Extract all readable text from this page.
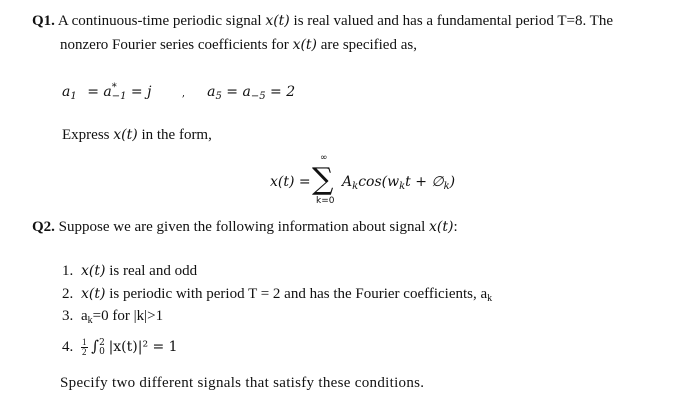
Q1. A continuous-time periodic signal x(t) is real valued and has a fundamental period T=8. The
nonzero Fourier series coefficients for x(t) are specified as,
$a_1 = a^*_{-1} = j$	, $a_5 = a_{-5} = 2$
Express x(t) in the form,
x(t) =
∞
∑
k=0
$A_k\cos(w_kt$ + $\emptyset_k$)
Q2. Suppose we are given the following information about signal x(t):
1. x(t) is real and odd
2. x(t) is periodic with period T = 2 and has the Fourier coefficients, $a_k$
3. $a_k=0$ for |k|>1
4. $\frac{1}{2}$ ∫ 2
0 |x(t)|² = 1
Specify two different signals that satisfy these conditions.
